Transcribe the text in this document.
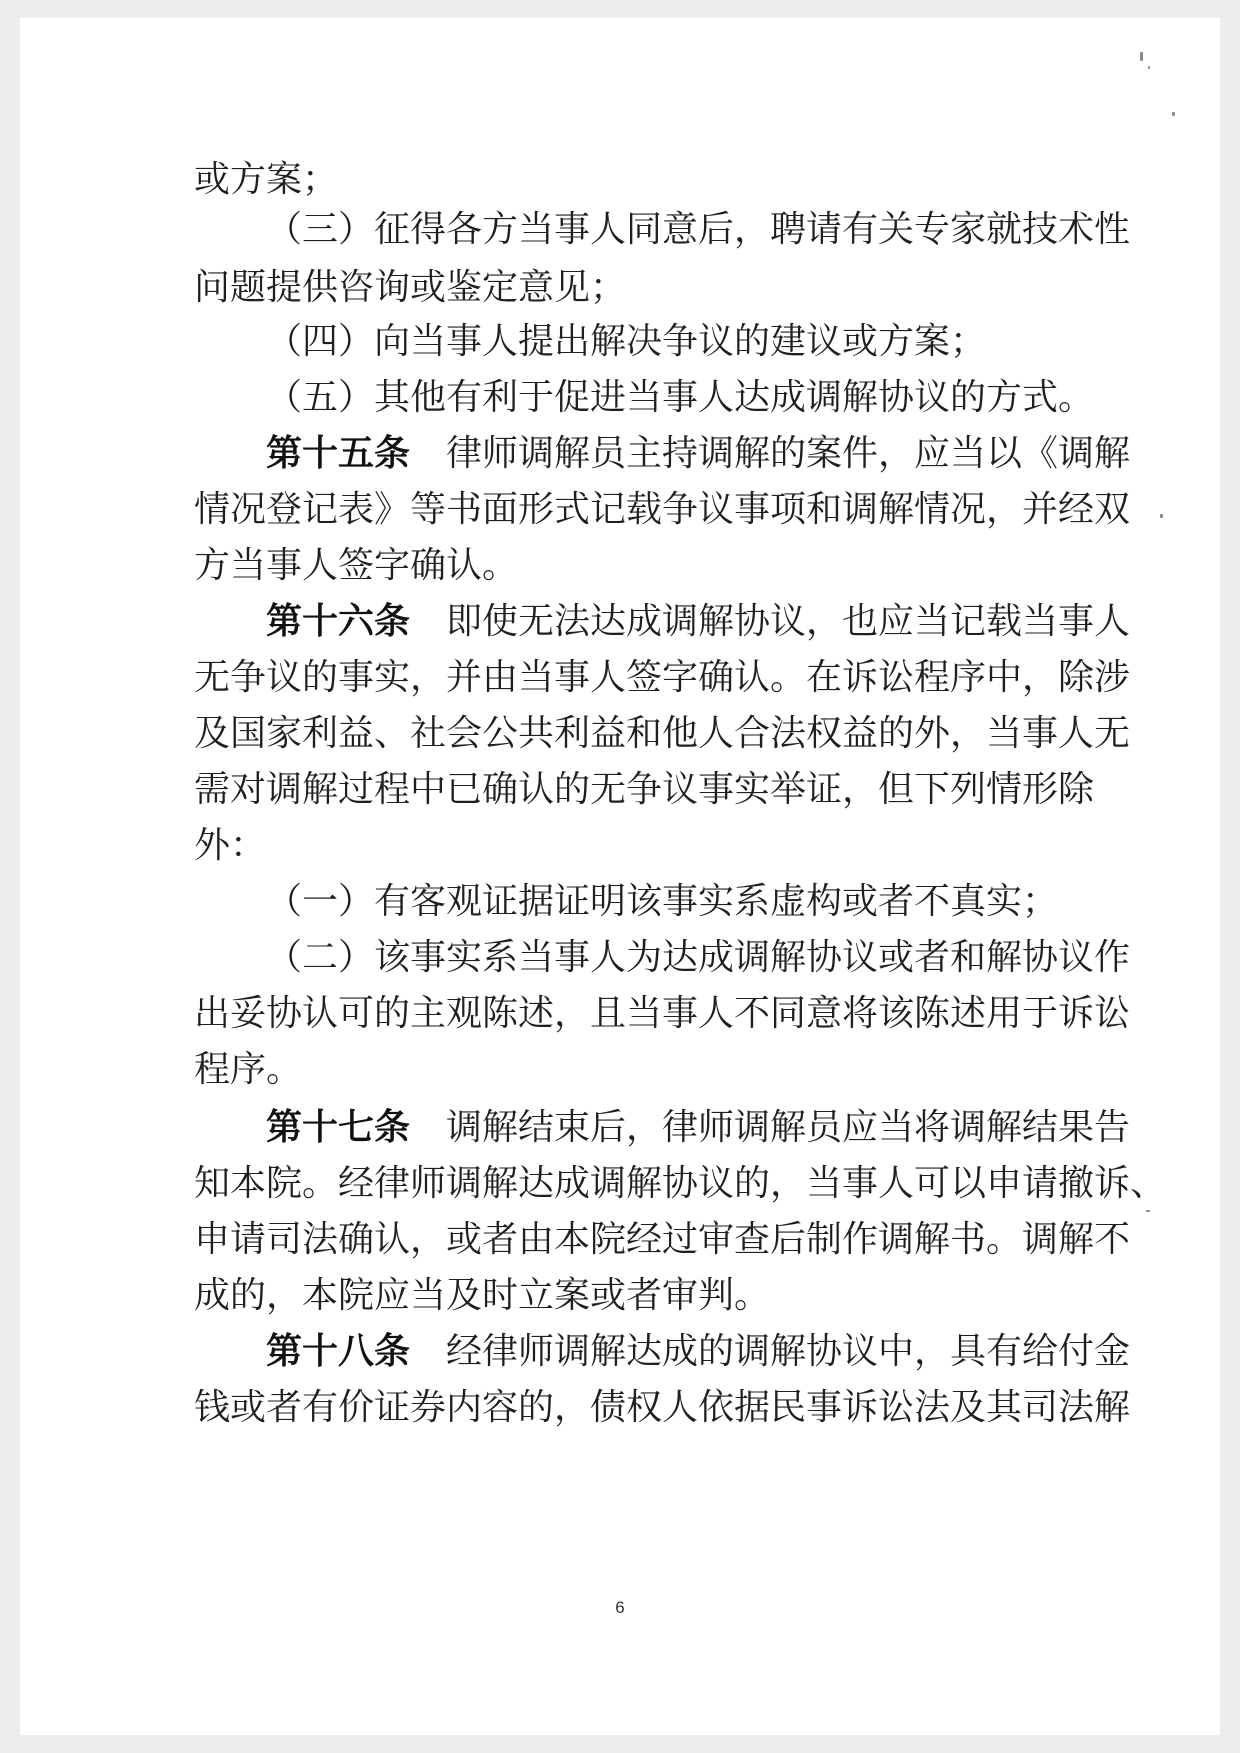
或方案；
（三）征得各方当事人同意后，聘请有关专家就技术性
问题提供咨询或鉴定意见；
（四）向当事人提出解决争议的建议或方案；
（五）其他有利于促进当事人达成调解协议的方式。
第十五条 律师调解员主持调解的案件，应当以《调解
情况登记表》等书面形式记载争议事项和调解情况，并经双
方当事人签字确认。
第十六条 即使无法达成调解协议，也应当记载当事人
无争议的事实，并由当事人签字确认。在诉讼程序中，除涉
及国家利益、社会公共利益和他人合法权益的外，当事人无
需对调解过程中已确认的无争议事实举证，但下列情形除
外：
（一）有客观证据证明该事实系虚构或者不真实；
（二）该事实系当事人为达成调解协议或者和解协议作
出妥协认可的主观陈述，且当事人不同意将该陈述用于诉讼
程序。
第十七条 调解结束后，律师调解员应当将调解结果告
知本院。经律师调解达成调解协议的，当事人可以申请撤诉、
申请司法确认，或者由本院经过审查后制作调解书。调解不
成的，本院应当及时立案或者审判。
第十八条 经律师调解达成的调解协议中，具有给付金
钱或者有价证券内容的，债权人依据民事诉讼法及其司法解
6
